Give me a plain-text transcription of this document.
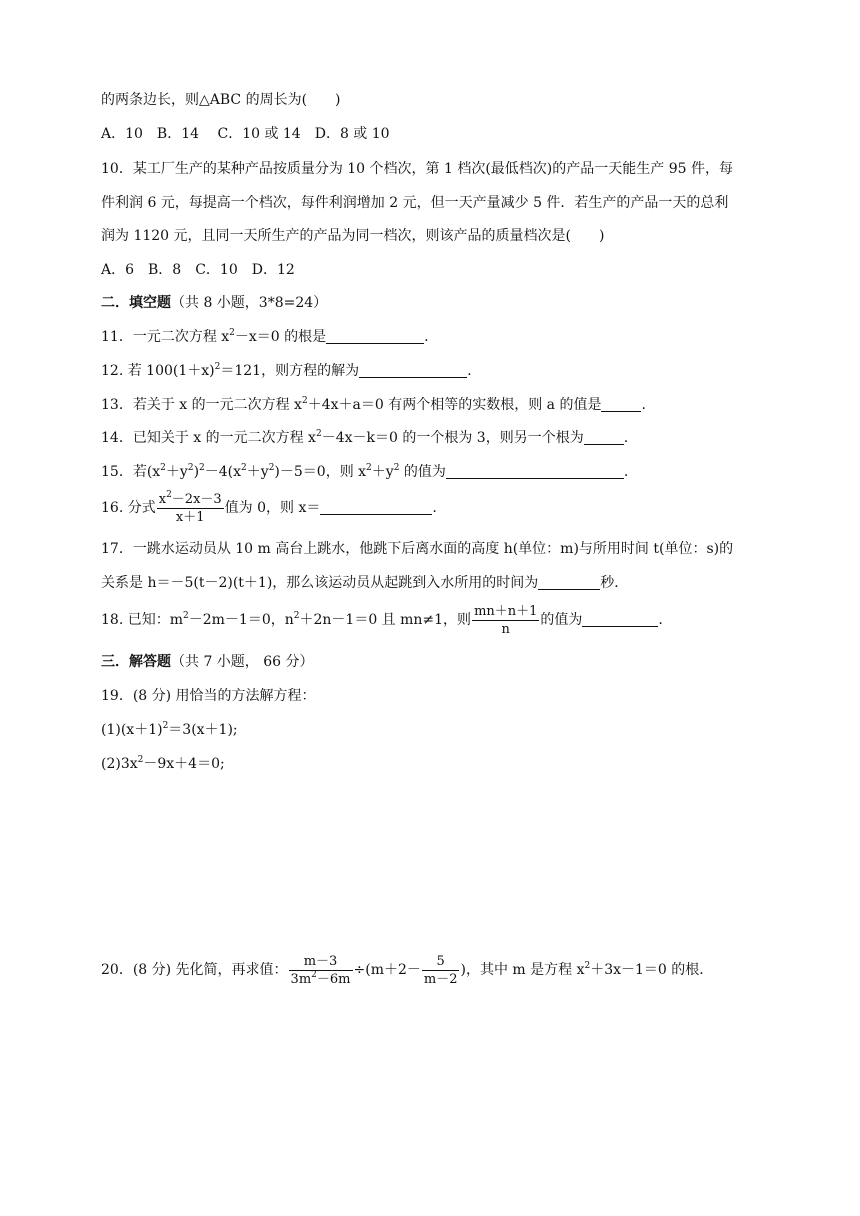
的两条边长，则△ABC 的周长为(　　)
A．10　B．14　 C．10 或 14　D．8 或 10
10．某工厂生产的某种产品按质量分为 10 个档次，第 1 档次(最低档次)的产品一天能生产 95 件，每
件利润 6 元，每提高一个档次，每件利润增加 2 元，但一天产量减少 5 件．若生产的产品一天的总利
润为 1120 元，且同一天所生产的产品为同一档次，则该产品的质量档次是(　　)
A．6　B．8　C．10　D．12
二．填空题（共 8 小题，3*8=24）
11．一元二次方程 $x^2-x=0$ 的根是	.
12. 若 $100(1+x)^2=121$，则方程的解为	.
13．若关于 x 的一元二次方程 $x^2+4x+a=0$ 有两个相等的实数根，则 a 的值是	.
14．已知关于 x 的一元二次方程 $x^2-4x-k=0$ 的一个根为 3，则另一个根为	.
15．若$(x^2+y^2)^2-4(x^2+y^2)-5=0$，则 $x^2+y^2$ 的值为	.
16. 分式 $\frac{x^2-2x-3}{x+1}$ 值为 0，则 x＝	.
17．一跳水运动员从 10 m 高台上跳水，他跳下后离水面的高度 h(单位：m)与所用时间 t(单位：s)的
关系是 h＝－5(t－2)(t＋1)，那么该运动员从起跳到入水所用的时间为	秒．
18. 已知：$m^2-2m-1=0$，$n^2+2n-1=0$ 且 mn≠1，则 $\frac{mn+n+1}{n}$ 的值为	.
三．解答题（共 7 小题， 66 分）
19．(8 分) 用恰当的方法解方程：
$(1)(x+1)^2=3(x+1)$;
$(2)3x^2-9x+4=0$;
20．(8 分) 先化简，再求值： $\frac{m-3}{3m^2-6m} \div(m+2- \frac{5}{m-2}$ )，其中 m 是方程 $x^2+3x-1=0$ 的根．
